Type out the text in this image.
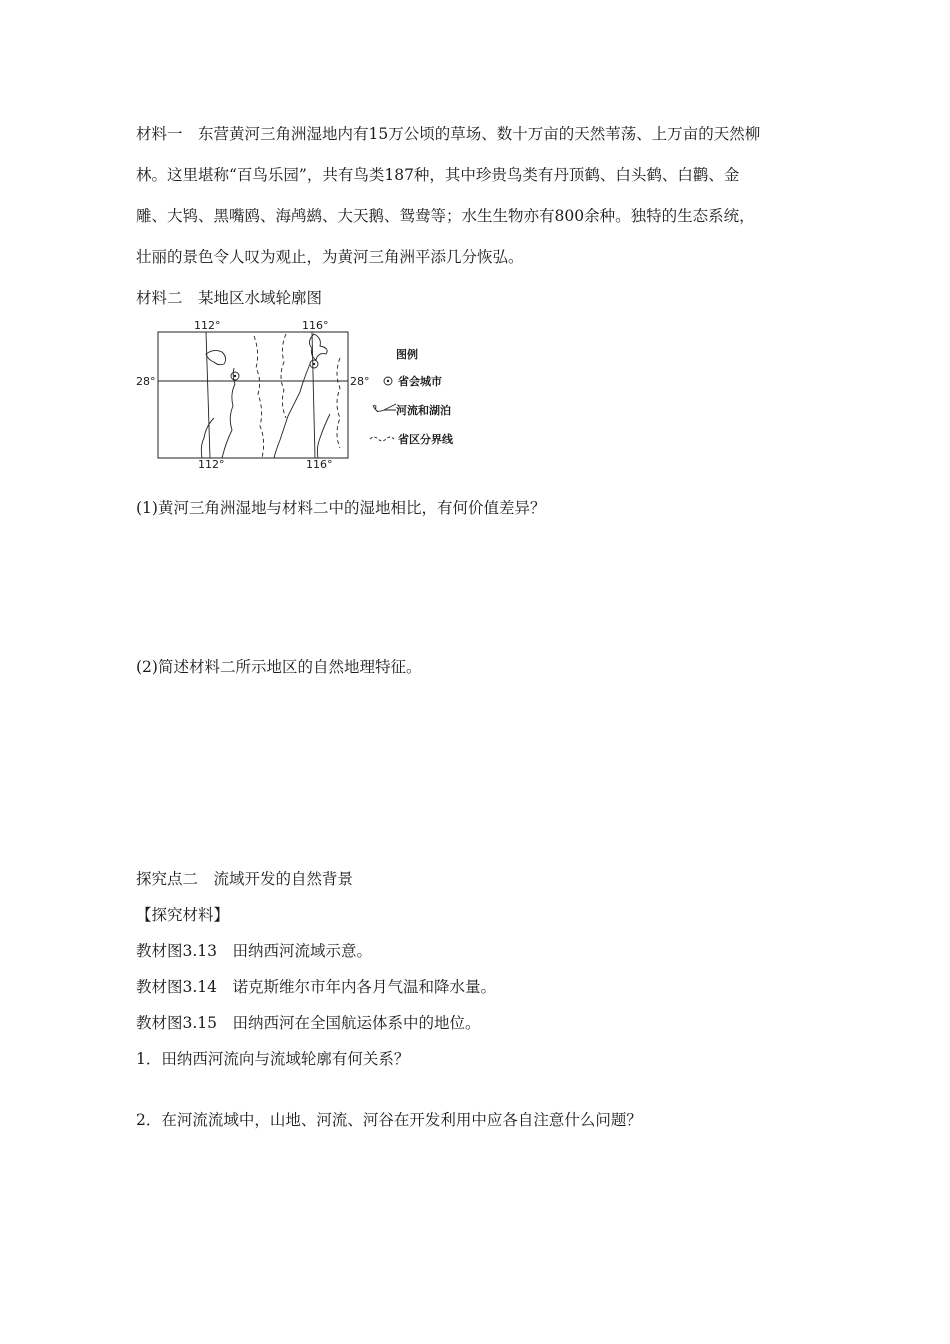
材料一　东营黄河三角洲湿地内有15万公顷的草场、数十万亩的天然苇荡、上万亩的天然柳
林。这里堪称“百鸟乐园”，共有鸟类187种，其中珍贵鸟类有丹顶鹤、白头鹤、白鹳、金
雕、大鸨、黑嘴鸥、海鸬鹚、大天鹅、鸳鸯等；水生生物亦有800余种。独特的生态系统，
壮丽的景色令人叹为观止，为黄河三角洲平添几分恢弘。
材料二　某地区水域轮廓图
112°	116°
112°	116°
28°	28°
图例
省会城市
河流和湖泊
省区分界线
(1)黄河三角洲湿地与材料二中的湿地相比，有何价值差异？
(2)简述材料二所示地区的自然地理特征。
探究点二　流域开发的自然背景
【探究材料】
教材图3.13　田纳西河流域示意。
教材图3.14　诺克斯维尔市年内各月气温和降水量。
教材图3.15　田纳西河在全国航运体系中的地位。
1．田纳西河流向与流域轮廓有何关系？
2．在河流流域中，山地、河流、河谷在开发利用中应各自注意什么问题？
